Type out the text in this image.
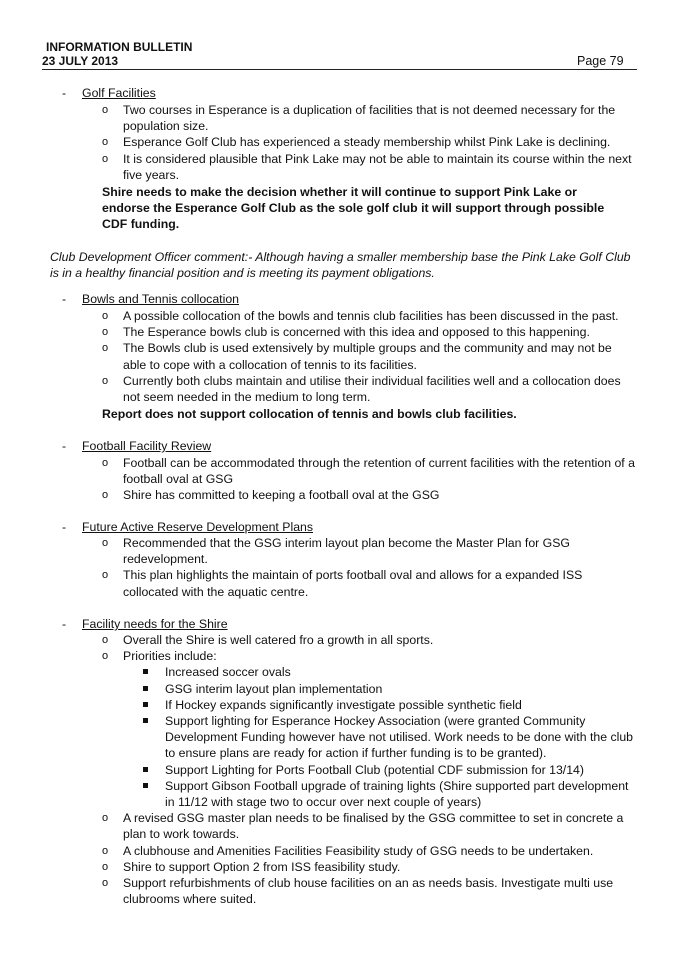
INFORMATION BULLETIN
23 JULY 2013	Page 79
- Golf Facilities
o Two courses in Esperance is a duplication of facilities that is not deemed necessary for the population size.
o Esperance Golf Club has experienced a steady membership whilst Pink Lake is declining.
o It is considered plausible that Pink Lake may not be able to maintain its course within the next five years.
Shire needs to make the decision whether it will continue to support Pink Lake or endorse the Esperance Golf Club as the sole golf club it will support through possible CDF funding.
Club Development Officer comment:- Although having a smaller membership base the Pink Lake Golf Club is in a healthy financial position and is meeting its payment obligations.
- Bowls and Tennis collocation
o A possible collocation of the bowls and tennis club facilities has been discussed in the past.
o The Esperance bowls club is concerned with this idea and opposed to this happening.
o The Bowls club is used extensively by multiple groups and the community and may not be able to cope with a collocation of tennis to its facilities.
o Currently both clubs maintain and utilise their individual facilities well and a collocation does not seem needed in the medium to long term.
Report does not support collocation of tennis and bowls club facilities.
- Football Facility Review
o Football can be accommodated through the retention of current facilities with the retention of a football oval at GSG
o Shire has committed to keeping a football oval at the GSG
- Future Active Reserve Development Plans
o Recommended that the GSG interim layout plan become the Master Plan for GSG redevelopment.
o This plan highlights the maintain of ports football oval and allows for a expanded ISS collocated with the aquatic centre.
- Facility needs for the Shire
o Overall the Shire is well catered fro a growth in all sports.
o Priorities include:
Increased soccer ovals
GSG interim layout plan implementation
If Hockey expands significantly investigate possible synthetic field
Support lighting for Esperance Hockey Association (were granted Community Development Funding however have not utilised. Work needs to be done with the club to ensure plans are ready for action if further funding is to be granted).
Support Lighting for Ports Football Club (potential CDF submission for 13/14)
Support Gibson Football upgrade of training lights (Shire supported part development in 11/12 with stage two to occur over next couple of years)
o A revised GSG master plan needs to be finalised by the GSG committee to set in concrete a plan to work towards.
o A clubhouse and Amenities Facilities Feasibility study of GSG needs to be undertaken.
o Shire to support Option 2 from ISS feasibility study.
o Support refurbishments of club house facilities on an as needs basis. Investigate multi use clubrooms where suited.
